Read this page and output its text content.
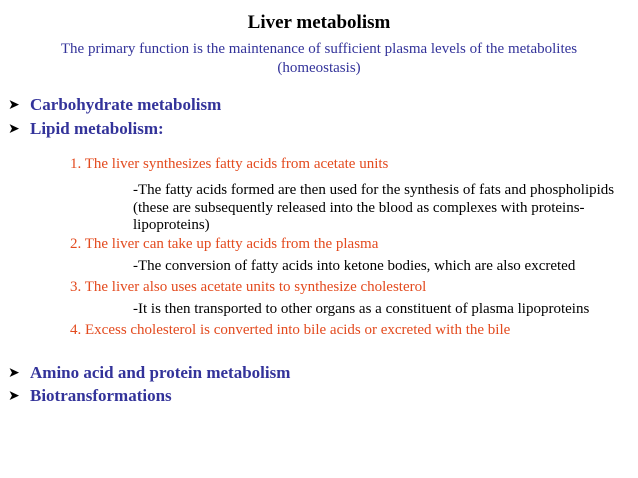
Liver metabolism
The primary function is the maintenance of sufficient plasma levels of the metabolites (homeostasis)
➤ Carbohydrate metabolism
➤ Lipid metabolism:
1. The liver synthesizes fatty acids from acetate units
-The fatty acids formed are then used for the synthesis of fats and phospholipids (these are subsequently released into the blood as complexes with proteins-lipoproteins)
2. The liver can take up fatty acids from the plasma
-The conversion of fatty acids into ketone bodies, which are also excreted
3. The liver also uses acetate units to synthesize cholesterol
-It is then transported to other organs as a constituent of plasma lipoproteins
4. Excess cholesterol is converted into bile acids or excreted with the bile
➤ Amino acid and protein metabolism
➤ Biotransformations
